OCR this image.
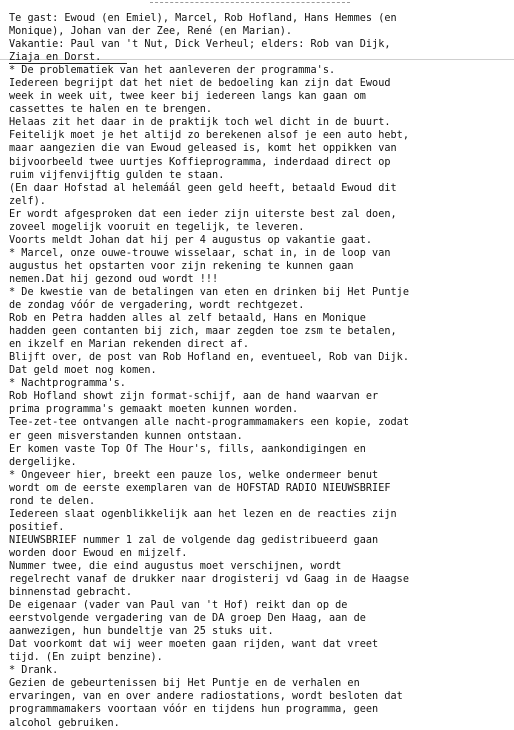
Te gast: Ewoud (en Emiel), Marcel, Rob Hofland, Hans Hemmes (en
Monique), Johan van der Zee, René (en Marian).
Vakantie: Paul van 't Nut, Dick Verheul; elders: Rob van Dijk,
Ziaja en Dorst.
* De problematiek van het aanleveren der programma's.
Iedereen begrijpt dat het niet de bedoeling kan zijn dat Ewoud
week in week uit, twee keer bij iedereen langs kan gaan om
cassettes te halen en te brengen.
Helaas zit het daar in de praktijk toch wel dicht in de buurt.
Feitelijk moet je het altijd zo berekenen alsof je een auto hebt,
maar aangezien die van Ewoud geleased is, komt het oppikken van
bijvoorbeeld twee uurtjes Koffieprogramma, inderdaad direct op
ruim vijfenvijftig gulden te staan.
(En daar Hofstad al helemáál geen geld heeft, betaald Ewoud dit
zelf).
Er wordt afgesproken dat een ieder zijn uiterste best zal doen,
zoveel mogelijk vooruit en tegelijk, te leveren.
Voorts meldt Johan dat hij per 4 augustus op vakantie gaat.
* Marcel, onze ouwe-trouwe wisselaar, schat in, in de loop van
augustus het opstarten voor zijn rekening te kunnen gaan
nemen.Dat hij gezond oud wordt !!!
* De kwestie van de betalingen van eten en drinken bij Het Puntje
de zondag vóór de vergadering, wordt rechtgezet.
Rob en Petra hadden alles al zelf betaald, Hans en Monique
hadden geen contanten bij zich, maar zegden toe zsm te betalen,
en ikzelf en Marian rekenden direct af.
Blijft over, de post van Rob Hofland en, eventueel, Rob van Dijk.
Dat geld moet nog komen.
* Nachtprogramma's.
Rob Hofland showt zijn format-schijf, aan de hand waarvan er
prima programma's gemaakt moeten kunnen worden.
Tee-zet-tee ontvangen alle nacht-programmamakers een kopie, zodat
er geen misverstanden kunnen ontstaan.
Er komen vaste Top Of The Hour's, fills, aankondigingen en
dergelijke.
* Ongeveer hier, breekt een pauze los, welke ondermeer benut
wordt om de eerste exemplaren van de HOFSTAD RADIO NIEUWSBRIEF
rond te delen.
Iedereen slaat ogenblikkelijk aan het lezen en de reacties zijn
positief.
NIEUWSBRIEF nummer 1 zal de volgende dag gedistribueerd gaan
worden door Ewoud en mijzelf.
Nummer twee, die eind augustus moet verschijnen, wordt
regelrecht vanaf de drukker naar drogisterij vd Gaag in de Haagse
binnenstad gebracht.
De eigenaar (vader van Paul van 't Hof) reikt dan op de
eerstvolgende vergadering van de DA groep Den Haag, aan de
aanwezigen, hun bundeltje van 25 stuks uit.
Dat voorkomt dat wij weer moeten gaan rijden, want dat vreet
tijd. (En zuipt benzine).
* Drank.
Gezien de gebeurtenissen bij Het Puntje en de verhalen en
ervaringen, van en over andere radiostations, wordt besloten dat
programmamakers voortaan vóór en tijdens hun programma, geen
alcohol gebruiken.
